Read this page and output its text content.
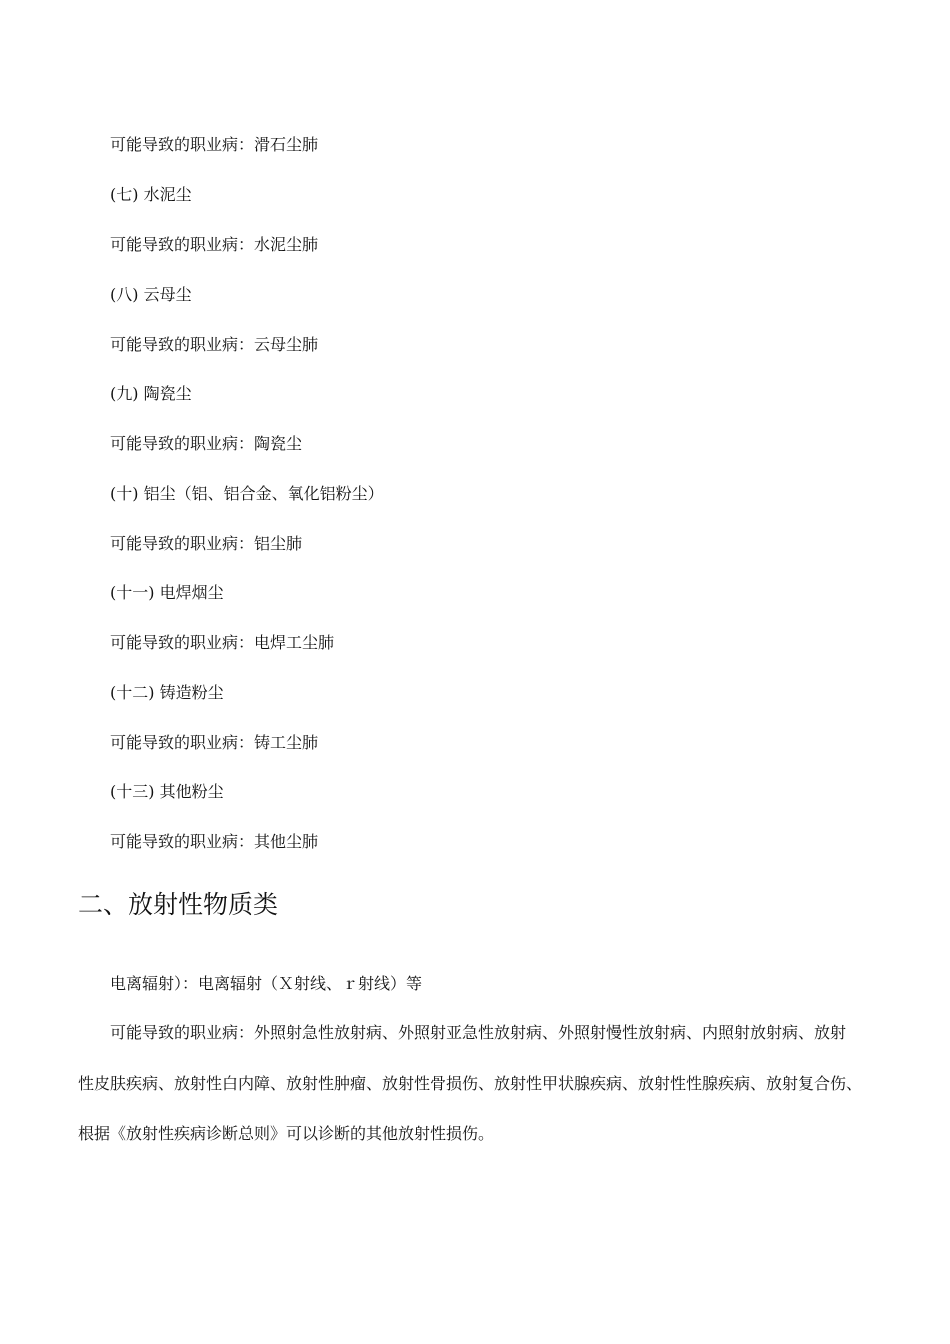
可能导致的职业病：滑石尘肺
(七) 水泥尘
可能导致的职业病：水泥尘肺
(八) 云母尘
可能导致的职业病：云母尘肺
(九) 陶瓷尘
可能导致的职业病：陶瓷尘
(十) 铝尘（铝、铝合金、氧化铝粉尘）
可能导致的职业病：铝尘肺
(十一) 电焊烟尘
可能导致的职业病：电焊工尘肺
(十二) 铸造粉尘
可能导致的职业病：铸工尘肺
(十三) 其他粉尘
可能导致的职业病：其他尘肺
二、放射性物质类
电离辐射）：电离辐射（Ｘ射线、ｒ射线）等
可能导致的职业病：外照射急性放射病、外照射亚急性放射病、外照射慢性放射病、内照射放射病、放射
性皮肤疾病、放射性白内障、放射性肿瘤、放射性骨损伤、放射性甲状腺疾病、放射性性腺疾病、放射复合伤、
根据《放射性疾病诊断总则》可以诊断的其他放射性损伤。
